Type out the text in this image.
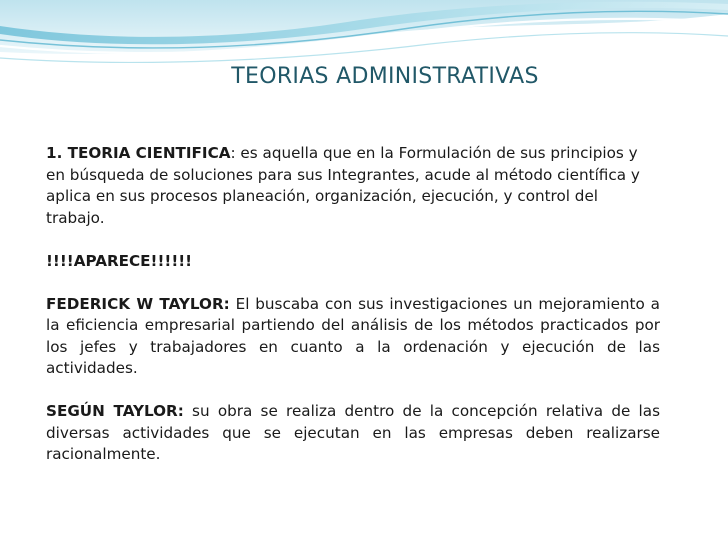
TEORIAS ADMINISTRATIVAS

1. TEORIA CIENTIFICA: es aquella que en la Formulación de sus principios y en búsqueda de soluciones para sus Integrantes, acude al método científica y aplica en sus procesos planeación, organización, ejecución, y control del trabajo.

!!!!APARECE!!!!!!

FEDERICK W TAYLOR: El buscaba con sus investigaciones un mejoramiento a la eficiencia empresarial partiendo del análisis de los métodos practicados por los jefes y trabajadores en cuanto a la ordenación y ejecución de las actividades.

SEGÚN TAYLOR: su obra se realiza dentro de la concepción relativa de las diversas actividades que se ejecutan en las empresas deben realizarse racionalmente.
